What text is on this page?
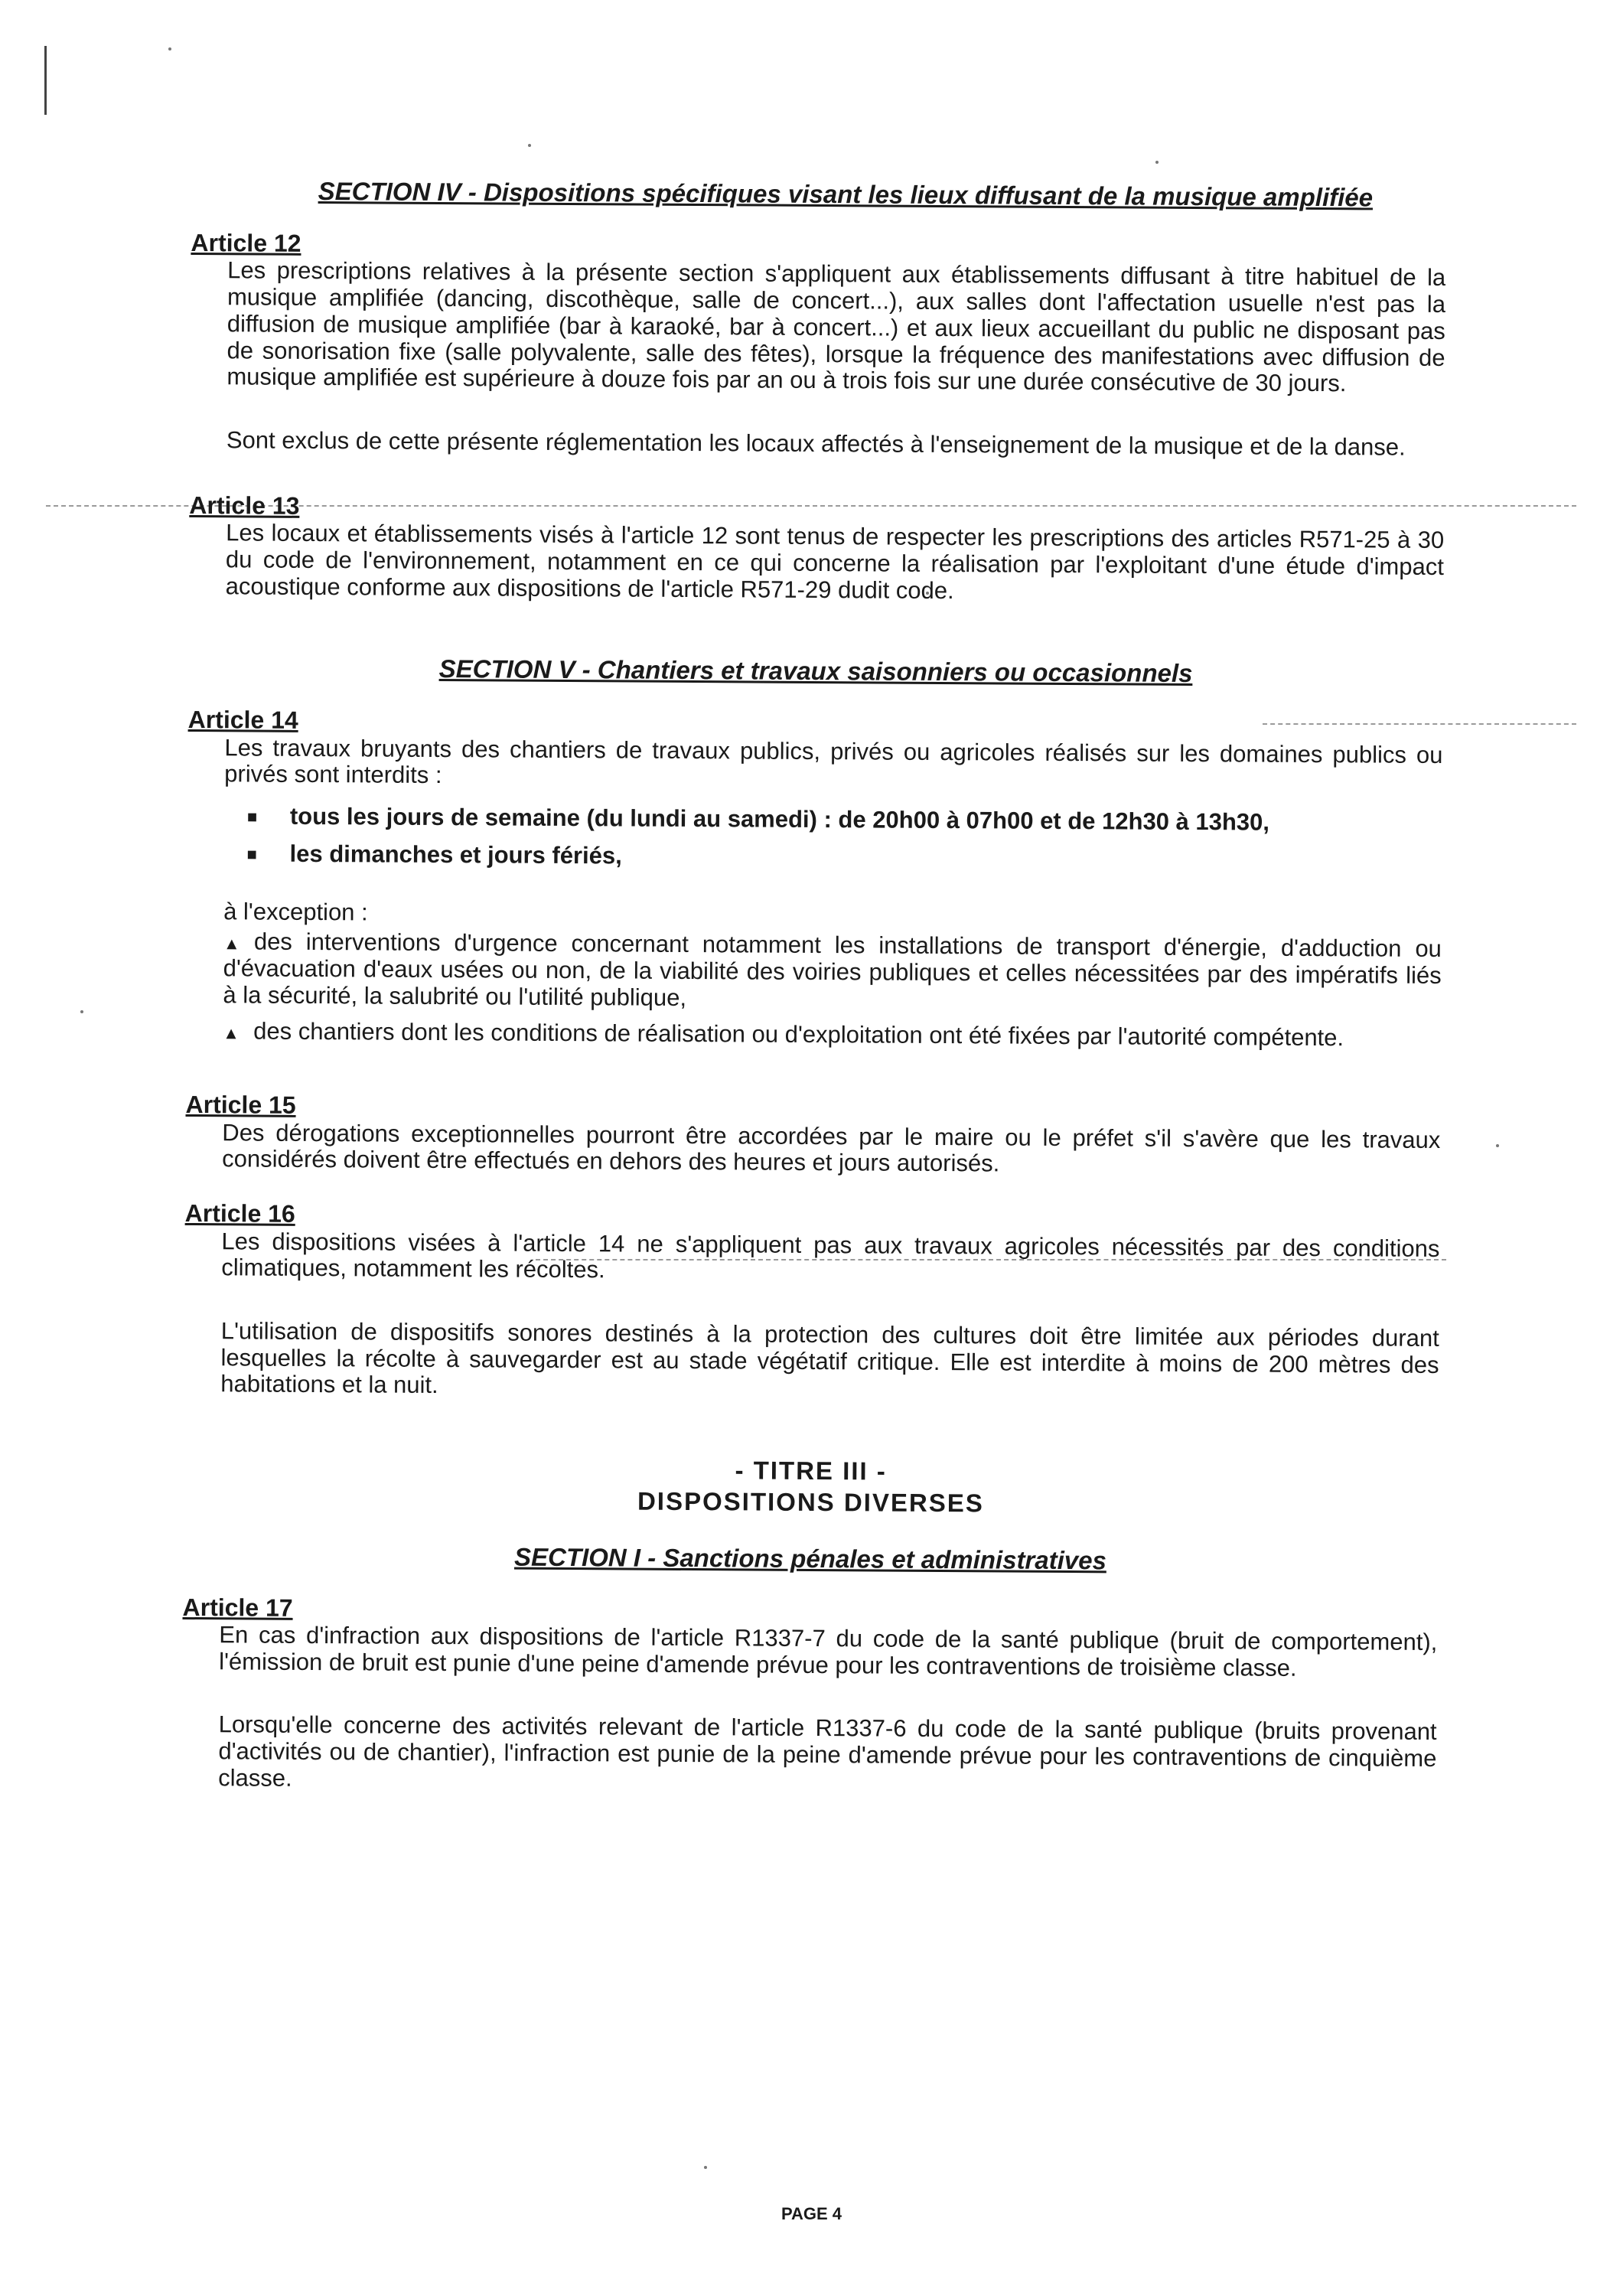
SECTION IV - Dispositions spécifiques visant les lieux diffusant de la musique amplifiée
Article 12

Les prescriptions relatives à la présente section s'appliquent aux établissements diffusant à titre habituel de la musique amplifiée (dancing, discothèque, salle de concert...), aux salles dont l'affectation usuelle n'est pas la diffusion de musique amplifiée (bar à karaoké, bar à concert...) et aux lieux accueillant du public ne disposant pas de sonorisation fixe (salle polyvalente, salle des fêtes), lorsque la fréquence des manifestations avec diffusion de musique amplifiée est supérieure à douze fois par an ou à trois fois sur une durée consécutive de 30 jours.

Sont exclus de cette présente réglementation les locaux affectés à l'enseignement de la musique et de la danse.

Article 13

Les locaux et établissements visés à l'article 12 sont tenus de respecter les prescriptions des articles R571-25 à 30 du code de l'environnement, notamment en ce qui concerne la réalisation par l'exploitant d'une étude d'impact acoustique conforme aux dispositions de l'article R571-29 dudit code.

SECTION V - Chantiers et travaux saisonniers ou occasionnels
Article 14

Les travaux bruyants des chantiers de travaux publics, privés ou agricoles réalisés sur les domaines publics ou privés sont interdits :

■	tous les jours de semaine (du lundi au samedi) : de 20h00 à 07h00 et de 12h30 à 13h30,
■	les dimanches et jours fériés,

à l'exception :

▲ des interventions d'urgence concernant notamment les installations de transport d'énergie, d'adduction ou d'évacuation d'eaux usées ou non, de la viabilité des voiries publiques et celles nécessitées par des impératifs liés à la sécurité, la salubrité ou l'utilité publique,

▲ des chantiers dont les conditions de réalisation ou d'exploitation ont été fixées par l'autorité compétente.

Article 15

Des dérogations exceptionnelles pourront être accordées par le maire ou le préfet s'il s'avère que les travaux considérés doivent être effectués en dehors des heures et jours autorisés.

Article 16

Les dispositions visées à l'article 14 ne s'appliquent pas aux travaux agricoles nécessités par des conditions climatiques, notamment les récoltes.

L'utilisation de dispositifs sonores destinés à la protection des cultures doit être limitée aux périodes durant lesquelles la récolte à sauvegarder est au stade végétatif critique. Elle est interdite à moins de 200 mètres des habitations et la nuit.

- TITRE III -

DISPOSITIONS DIVERSES

SECTION I - Sanctions pénales et administratives
Article 17

En cas d'infraction aux dispositions de l'article R1337-7 du code de la santé publique (bruit de comportement), l'émission de bruit est punie d'une peine d'amende prévue pour les contraventions de troisième classe.

Lorsqu'elle concerne des activités relevant de l'article R1337-6 du code de la santé publique (bruits provenant d'activités ou de chantier), l'infraction est punie de la peine d'amende prévue pour les contraventions de cinquième classe.

PAGE 4
